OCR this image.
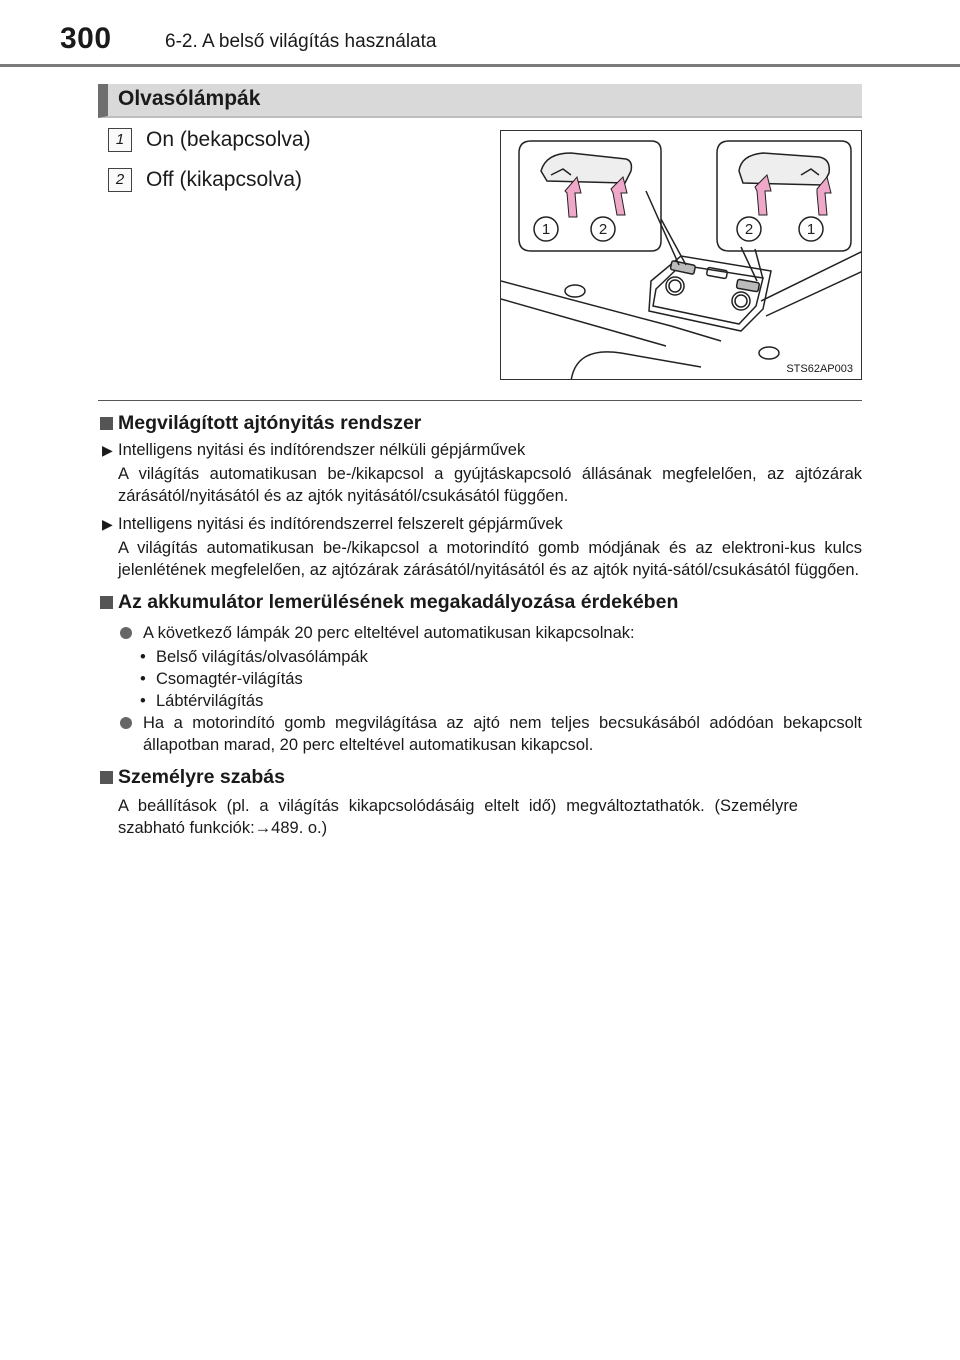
300	6-2. A belső világítás használata
Olvasólámpák
1 On (bekapcsolva)
2 Off (kikapcsolva)
1	2	2	1
STS62AP003
Megvilágított ajtónyitás rendszer
▶ Intelligens nyitási és indítórendszer nélküli gépjárművek
A világítás automatikusan be-/kikapcsol a gyújtáskapcsoló állásának megfelelően, az ajtózárak zárásától/nyitásától és az ajtók nyitásától/csukásától függően.
▶ Intelligens nyitási és indítórendszerrel felszerelt gépjárművek
A világítás automatikusan be-/kikapcsol a motorindító gomb módjának és az elektroni-kus kulcs jelenlétének megfelelően, az ajtózárak zárásától/nyitásától és az ajtók nyitá-sától/csukásától függően.
Az akkumulátor lemerülésének megakadályozása érdekében
A következő lámpák 20 perc elteltével automatikusan kikapcsolnak:
• Belső világítás/olvasólámpák
• Csomagtér-világítás
• Lábtérvilágítás
Ha a motorindító gomb megvilágítása az ajtó nem teljes becsukásából adódóan bekapcsolt állapotban marad, 20 perc elteltével automatikusan kikapcsol.
Személyre szabás
A beállítások (pl. a világítás kikapcsolódásáig eltelt idő) megváltoztathatók. (Személyre szabható funkciók:→489. o.)
